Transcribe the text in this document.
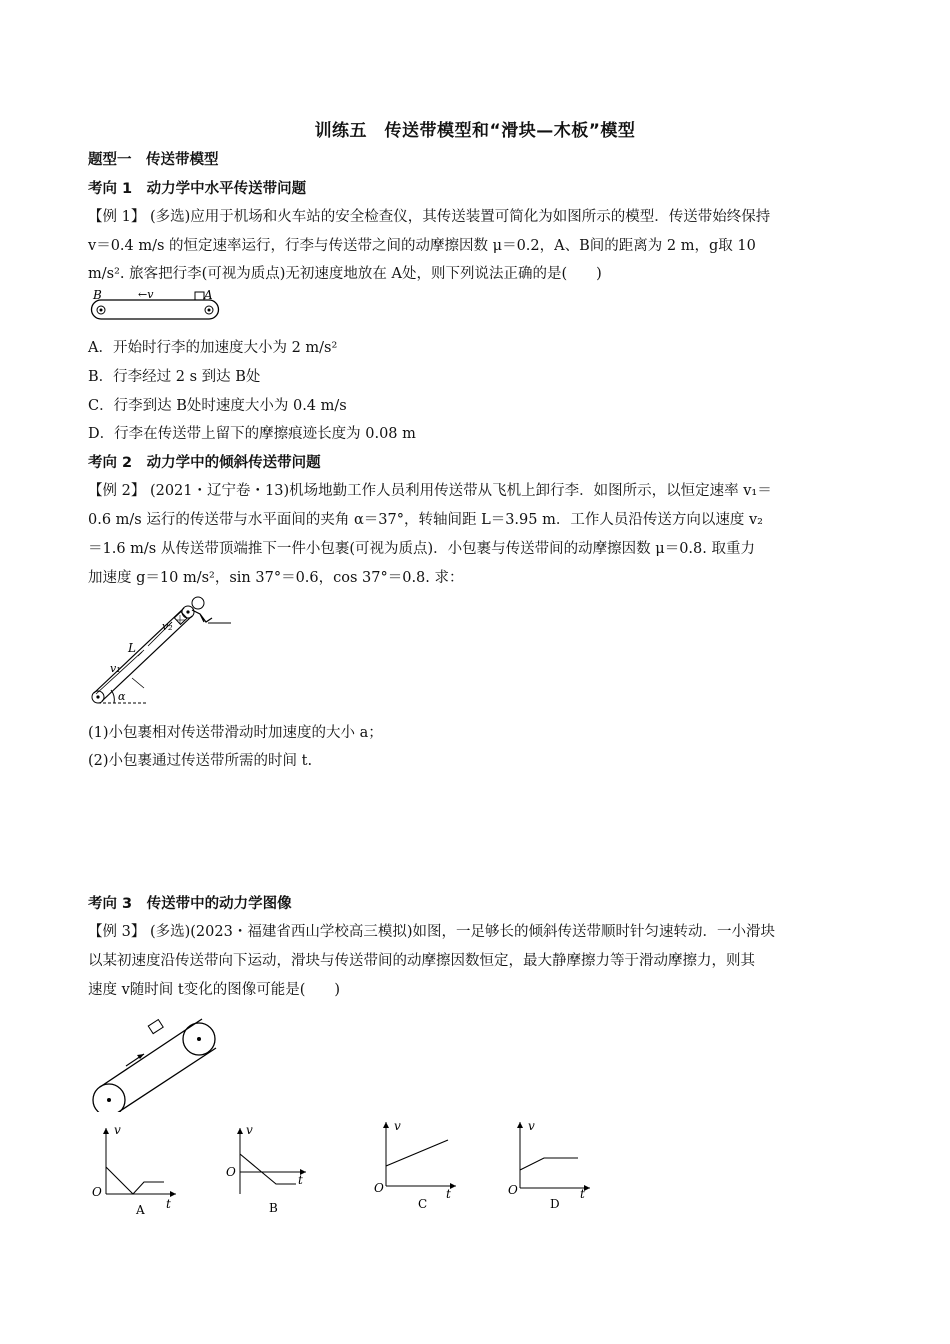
训练五　传送带模型和“滑块—木板”模型
题型一　传送带模型
考向 1　动力学中水平传送带问题
【例 1】 (多选)应用于机场和火车站的安全检查仪，其传送装置可简化为如图所示的模型．传送带始终保持
v＝0.4 m/s 的恒定速率运行，行李与传送带之间的动摩擦因数 μ＝0.2，A、B间的距离为 2 m，g取 10
m/s². 旅客把行李(可视为质点)无初速度地放在 A处，则下列说法正确的是(　　)
B	A
←v
A．开始时行李的加速度大小为 2 m/s²
B．行李经过 2 s 到达 B处
C．行李到达 B处时速度大小为 0.4 m/s
D．行李在传送带上留下的摩擦痕迹长度为 0.08 m
考向 2　动力学中的倾斜传送带问题
【例 2】 (2021・辽宁卷・13)机场地勤工作人员利用传送带从飞机上卸行李．如图所示，以恒定速率 v₁＝
0.6 m/s 运行的传送带与水平面间的夹角 α＝37°，转轴间距 L＝3.95 m．工作人员沿传送方向以速度 v₂
＝1.6 m/s 从传送带顶端推下一件小包裹(可视为质点)．小包裹与传送带间的动摩擦因数 μ＝0.8. 取重力
加速度 g＝10 m/s²，sin 37°＝0.6，cos 37°＝0.8. 求：
L
v₁
v₂
α
(1)小包裹相对传送带滑动时加速度的大小 a；
(2)小包裹通过传送带所需的时间 t.
考向 3　传送带中的动力学图像
【例 3】 (多选)(2023・福建省西山学校高三模拟)如图，一足够长的倾斜传送带顺时针匀速转动．一小滑块
以某初速度沿传送带向下运动，滑块与传送带间的动摩擦因数恒定，最大静摩擦力等于滑动摩擦力，则其
速度 v随时间 t变化的图像可能是(　　)
v
t
O
A
v
t
O
B
v
t
O
C
v
t
O
D
